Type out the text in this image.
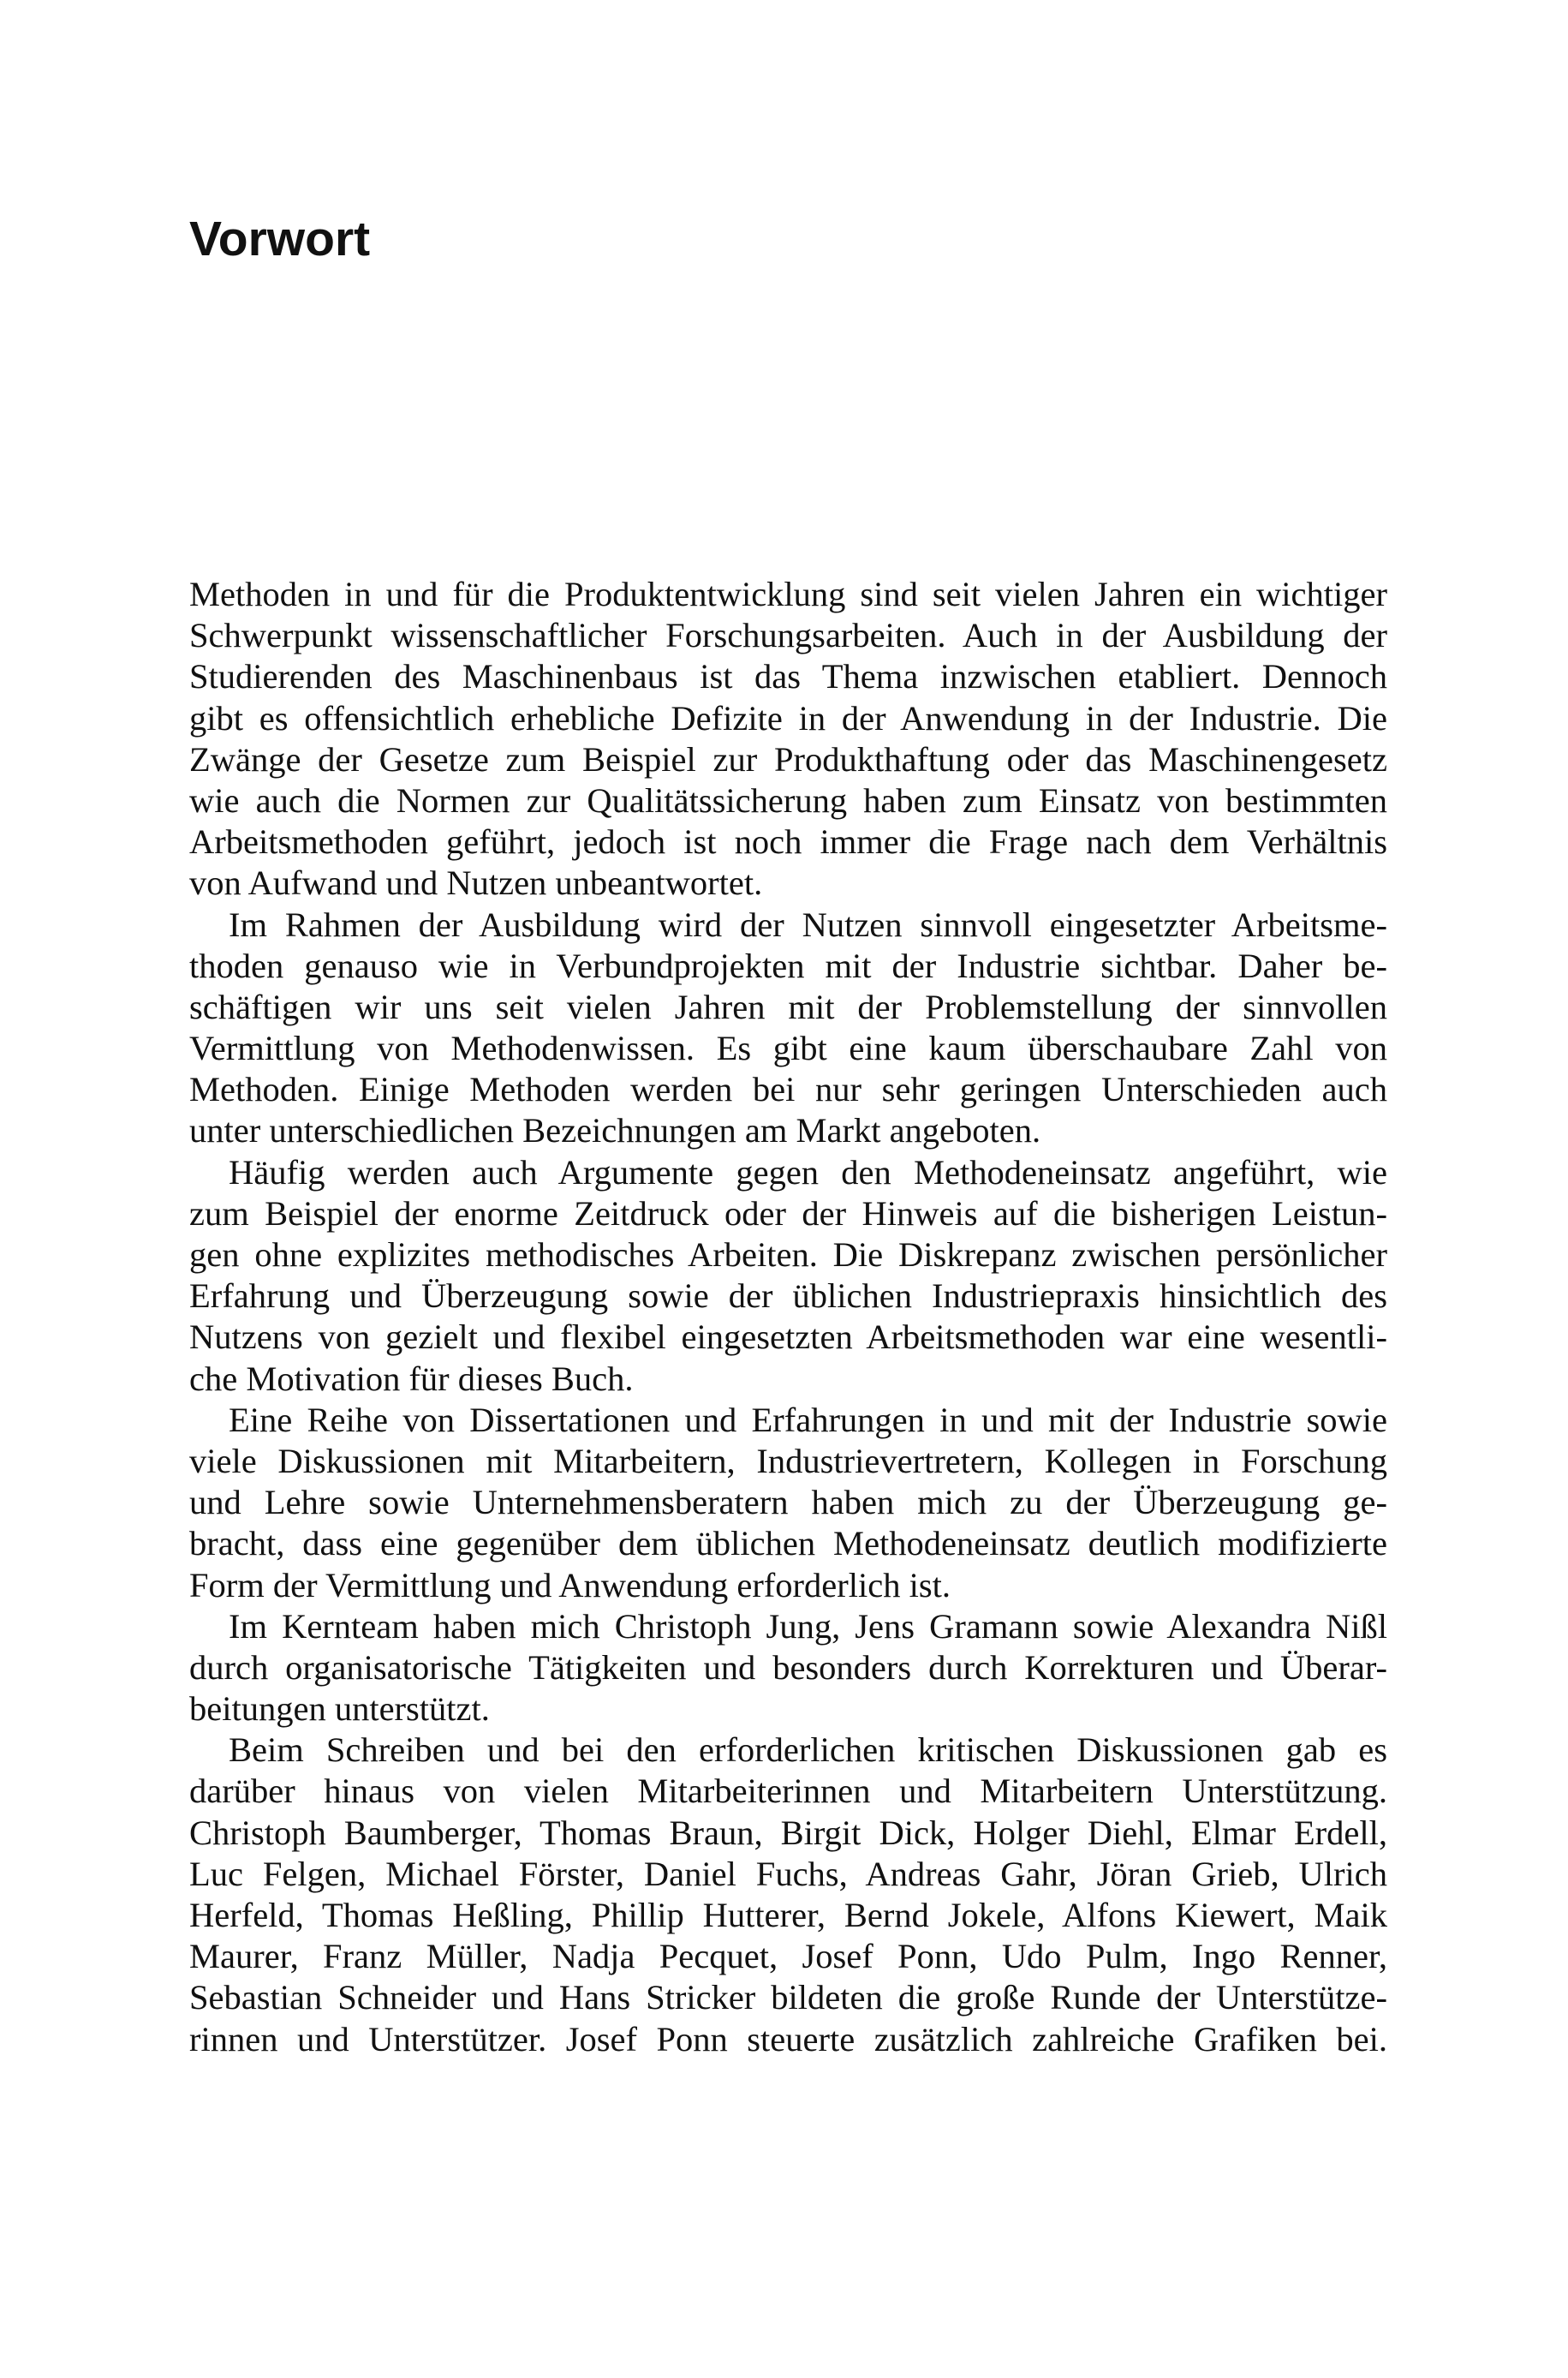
Vorwort
Methoden in und für die Produktentwicklung sind seit vielen Jahren ein wichtiger
Schwerpunkt wissenschaftlicher Forschungsarbeiten. Auch in der Ausbildung der
Studierenden des Maschinenbaus ist das Thema inzwischen etabliert. Dennoch
gibt es offensichtlich erhebliche Defizite in der Anwendung in der Industrie. Die
Zwänge der Gesetze zum Beispiel zur Produkthaftung oder das Maschinengesetz
wie auch die Normen zur Qualitätssicherung haben zum Einsatz von bestimmten
Arbeitsmethoden geführt, jedoch ist noch immer die Frage nach dem Verhältnis
von Aufwand und Nutzen unbeantwortet.
Im Rahmen der Ausbildung wird der Nutzen sinnvoll eingesetzter Arbeitsme-
thoden genauso wie in Verbundprojekten mit der Industrie sichtbar. Daher be-
schäftigen wir uns seit vielen Jahren mit der Problemstellung der sinnvollen
Vermittlung von Methodenwissen. Es gibt eine kaum überschaubare Zahl von
Methoden. Einige Methoden werden bei nur sehr geringen Unterschieden auch
unter unterschiedlichen Bezeichnungen am Markt angeboten.
Häufig werden auch Argumente gegen den Methodeneinsatz angeführt, wie
zum Beispiel der enorme Zeitdruck oder der Hinweis auf die bisherigen Leistun-
gen ohne explizites methodisches Arbeiten. Die Diskrepanz zwischen persönlicher
Erfahrung und Überzeugung sowie der üblichen Industriepraxis hinsichtlich des
Nutzens von gezielt und flexibel eingesetzten Arbeitsmethoden war eine wesentli-
che Motivation für dieses Buch.
Eine Reihe von Dissertationen und Erfahrungen in und mit der Industrie sowie
viele Diskussionen mit Mitarbeitern, Industrievertretern, Kollegen in Forschung
und Lehre sowie Unternehmensberatern haben mich zu der Überzeugung ge-
bracht, dass eine gegenüber dem üblichen Methodeneinsatz deutlich modifizierte
Form der Vermittlung und Anwendung erforderlich ist.
Im Kernteam haben mich Christoph Jung, Jens Gramann sowie Alexandra Nißl
durch organisatorische Tätigkeiten und besonders durch Korrekturen und Überar-
beitungen unterstützt.
Beim Schreiben und bei den erforderlichen kritischen Diskussionen gab es
darüber hinaus von vielen Mitarbeiterinnen und Mitarbeitern Unterstützung.
Christoph Baumberger, Thomas Braun, Birgit Dick, Holger Diehl, Elmar Erdell,
Luc Felgen, Michael Förster, Daniel Fuchs, Andreas Gahr, Jöran Grieb, Ulrich
Herfeld, Thomas Heßling, Phillip Hutterer, Bernd Jokele, Alfons Kiewert, Maik
Maurer, Franz Müller, Nadja Pecquet, Josef Ponn, Udo Pulm, Ingo Renner,
Sebastian Schneider und Hans Stricker bildeten die große Runde der Unterstütze-
rinnen und Unterstützer. Josef Ponn steuerte zusätzlich zahlreiche Grafiken bei.
